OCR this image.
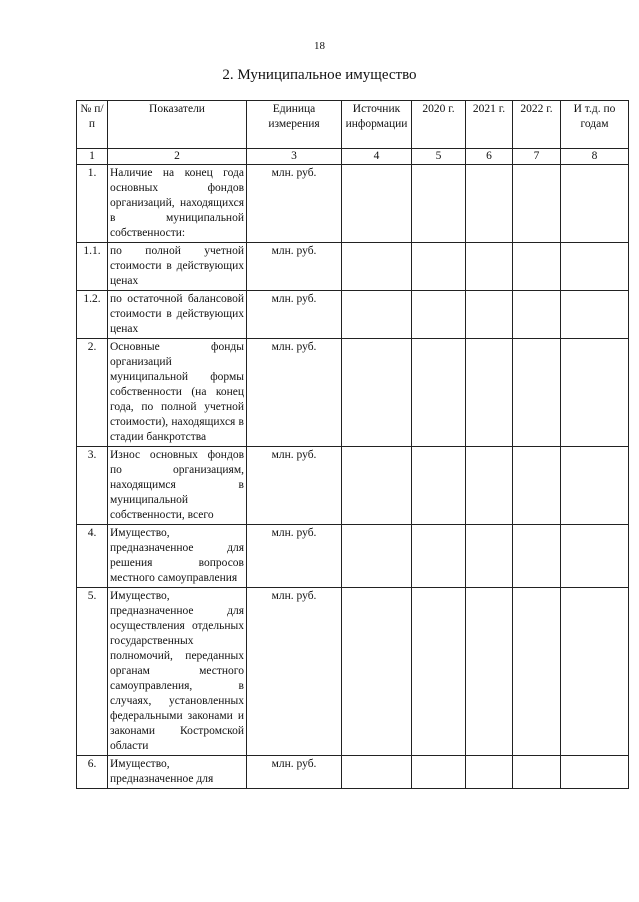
18
2. Муниципальное имущество
№ п/п	Показатели	Единица измерения	Источник информации	2020 г.	2021 г.	2022 г.	И т.д. по годам
1	2	3	4	5	6	7	8
1.	Наличие на конец года основных фондов организаций, находящихся в муниципальной собственности:	млн. руб.					
1.1.	по полной учетной стоимости в действующих ценах	млн. руб.					
1.2.	по остаточной балансовой стоимости в действующих ценах	млн. руб.					
2.	Основные фонды организаций муниципальной формы собственности (на конец года, по полной учетной стоимости), находящихся в стадии банкротства	млн. руб.					
3.	Износ основных фондов по организациям, находящимся в муниципальной собственности, всего	млн. руб.					
4.	Имущество, предназначенное для решения вопросов местного самоуправления	млн. руб.					
5.	Имущество, предназначенное для осуществления отдельных государственных полномочий, переданных органам местного самоуправления, в случаях, установленных федеральными законами и законами Костромской области	млн. руб.					
6.	Имущество, предназначенное для	млн. руб.					
